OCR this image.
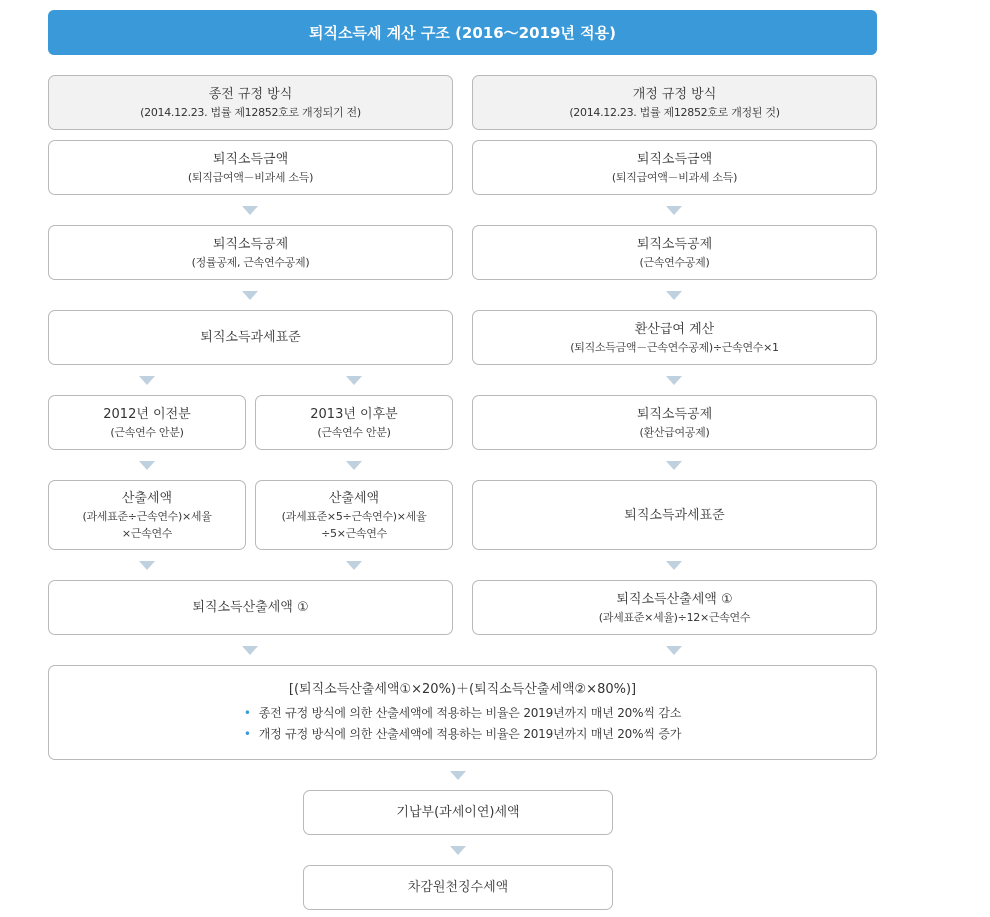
퇴직소득세 계산 구조 (2016～2019년 적용)
종전 규정 방식
(2014.12.23. 법률 제12852호로 개정되기 전)
개정 규정 방식
(2014.12.23. 법률 제12852호로 개정된 것)
퇴직소득금액
(퇴직급여액－비과세 소득)
퇴직소득금액
(퇴직급여액－비과세 소득)
퇴직소득공제
(정률공제, 근속연수공제)
퇴직소득공제
(근속연수공제)
퇴직소득과세표준
환산급여 계산
(퇴직소득금액－근속연수공제)÷근속연수×1
2012년 이전분
(근속연수 안분)
2013년 이후분
(근속연수 안분)
퇴직소득공제
(환산급여공제)
산출세액
(과세표준÷근속연수)×세율
×근속연수
산출세액
(과세표준×5÷근속연수)×세율
÷5×근속연수
퇴직소득과세표준
퇴직소득산출세액 ①
퇴직소득산출세액 ①
(과세표준×세율)÷12×근속연수
[(퇴직소득산출세액①×20%)＋(퇴직소득산출세액②×80%)]
• 종전 규정 방식에 의한 산출세액에 적용하는 비율은 2019년까지 매년 20%씩 감소
• 개정 규정 방식에 의한 산출세액에 적용하는 비율은 2019년까지 매년 20%씩 증가
기납부(과세이연)세액
차감원천징수세액
